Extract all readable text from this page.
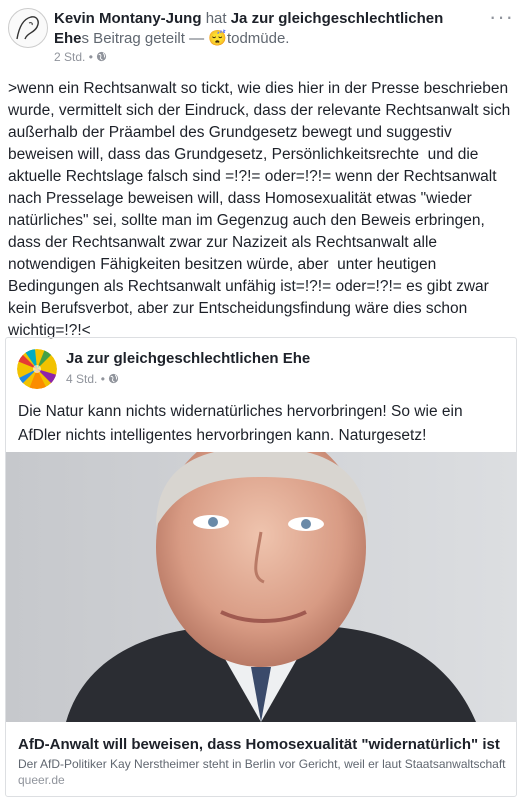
Kevin Montany-Jung hat Ja zur gleichgeschlechtlichen Ehes Beitrag geteilt — 😴todmüde.
2 Std. •
···
>wenn ein Rechtsanwalt so tickt, wie dies hier in der Presse beschrieben wurde, vermittelt sich der Eindruck, dass der relevante Rechtsanwalt sich außerhalb der Präambel des Grundgesetz bewegt und suggestiv beweisen will, dass das Grundgesetz, Persönlichkeitsrechte  und die aktuelle Rechtslage falsch sind =!?!= oder=!?!= wenn der Rechtsanwalt nach Presselage beweisen will, dass Homosexualität etwas "wieder natürliches" sei, sollte man im Gegenzug auch den Beweis erbringen, dass der Rechtsanwalt zwar zur Nazizeit als Rechtsanwalt alle notwendigen Fähigkeiten besitzen würde, aber  unter heutigen Bedingungen als Rechtsanwalt unfähig ist=!?!= oder=!?!= es gibt zwar kein Berufsverbot, aber zur Entscheidungsfindung wäre dies schon wichtig=!?!<
Ja zur gleichgeschlechtlichen Ehe
4 Std. •
Die Natur kann nichts widernatürliches hervorbringen! So wie ein AfDler nichts intelligentes hervorbringen kann. Naturgesetz!
AfD-Anwalt will beweisen, dass Homosexualität "widernatürlich" ist
Der AfD-Politiker Kay Nerstheimer steht in Berlin vor Gericht, weil er laut Staatsanwaltschaft
queer.de
